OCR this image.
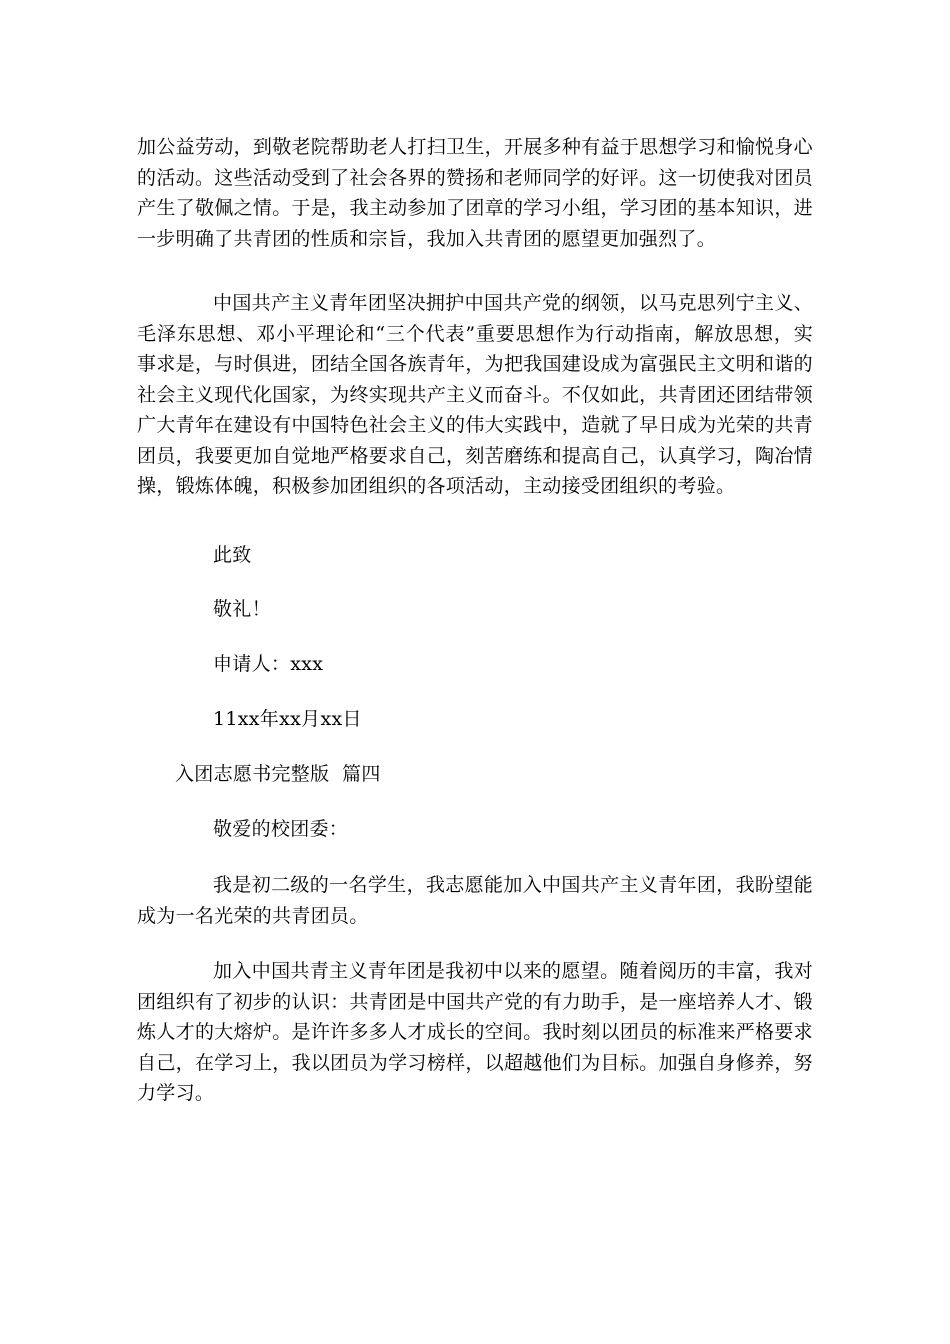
加公益劳动，到敬老院帮助老人打扫卫生，开展多种有益于思想学习和愉悦身心的活动。这些活动受到了社会各界的赞扬和老师同学的好评。这一切使我对团员产生了敬佩之情。于是，我主动参加了团章的学习小组，学习团的基本知识，进一步明确了共青团的性质和宗旨，我加入共青团的愿望更加强烈了。

中国共产主义青年团坚决拥护中国共产党的纲领，以马克思列宁主义、毛泽东思想、邓小平理论和“三个代表”重要思想作为行动指南，解放思想，实事求是，与时俱进，团结全国各族青年，为把我国建设成为富强民主文明和谐的社会主义现代化国家，为终实现共产主义而奋斗。不仅如此，共青团还团结带领广大青年在建设有中国特色社会主义的伟大实践中，造就了早日成为光荣的共青团员，我要更加自觉地严格要求自己，刻苦磨练和提高自己，认真学习，陶冶情操，锻炼体魄，积极参加团组织的各项活动，主动接受团组织的考验。

此致

敬礼！

申请人：xxx

11xx年xx月xx日

入团志愿书完整版  篇四

敬爱的校团委：

我是初二级的一名学生，我志愿能加入中国共产主义青年团，我盼望能成为一名光荣的共青团员。

加入中国共青主义青年团是我初中以来的愿望。随着阅历的丰富，我对团组织有了初步的认识：共青团是中国共产党的有力助手，是一座培养人才、锻炼人才的大熔炉。是许许多多人才成长的空间。我时刻以团员的标准来严格要求自己，在学习上，我以团员为学习榜样，以超越他们为目标。加强自身修养，努力学习。
